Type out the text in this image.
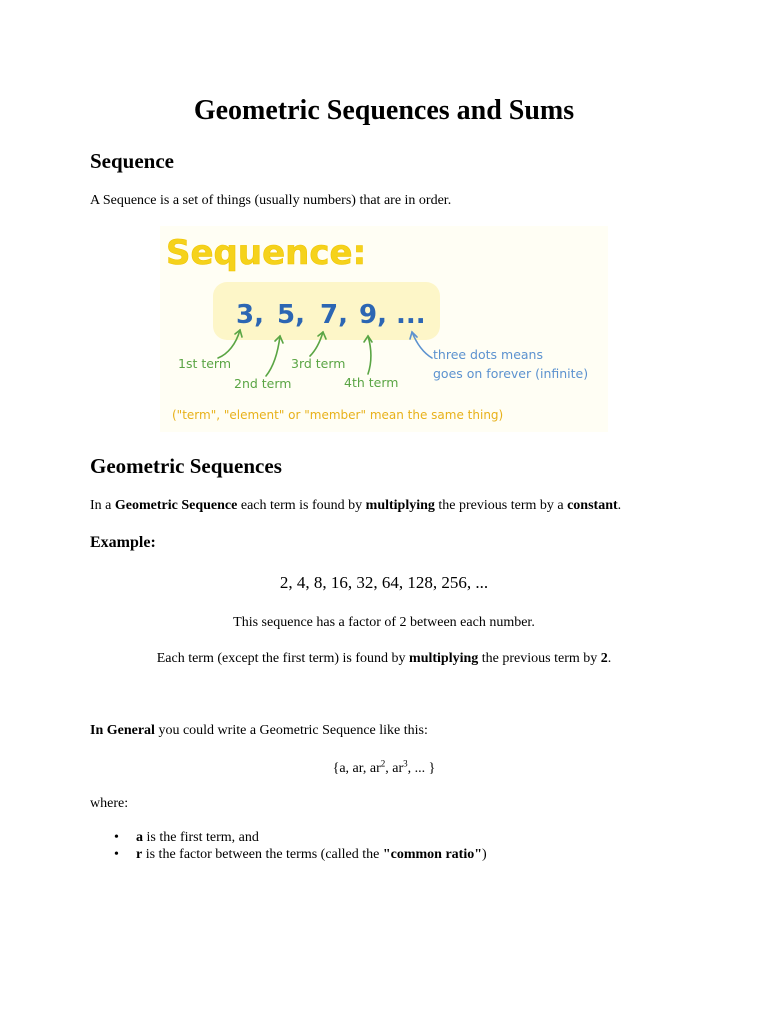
Geometric Sequences and Sums
Sequence

A Sequence is a set of things (usually numbers) that are in order.

Sequence:
3, 5, 7, 9, ...
1st term
2nd term
3rd term
4th term
three dots means
goes on forever (infinite)
("term", "element" or "member" mean the same thing)
Geometric Sequences

In a Geometric Sequence each term is found by multiplying the previous term by a constant.

Example:

2, 4, 8, 16, 32, 64, 128, 256, ...

This sequence has a factor of 2 between each number.

Each term (except the first term) is found by multiplying the previous term by 2.

In General you could write a Geometric Sequence like this:

{a, ar, $ar^2$, $ar^3$, ... }

where:

• a is the first term, and
• r is the factor between the terms (called the "common ratio")
